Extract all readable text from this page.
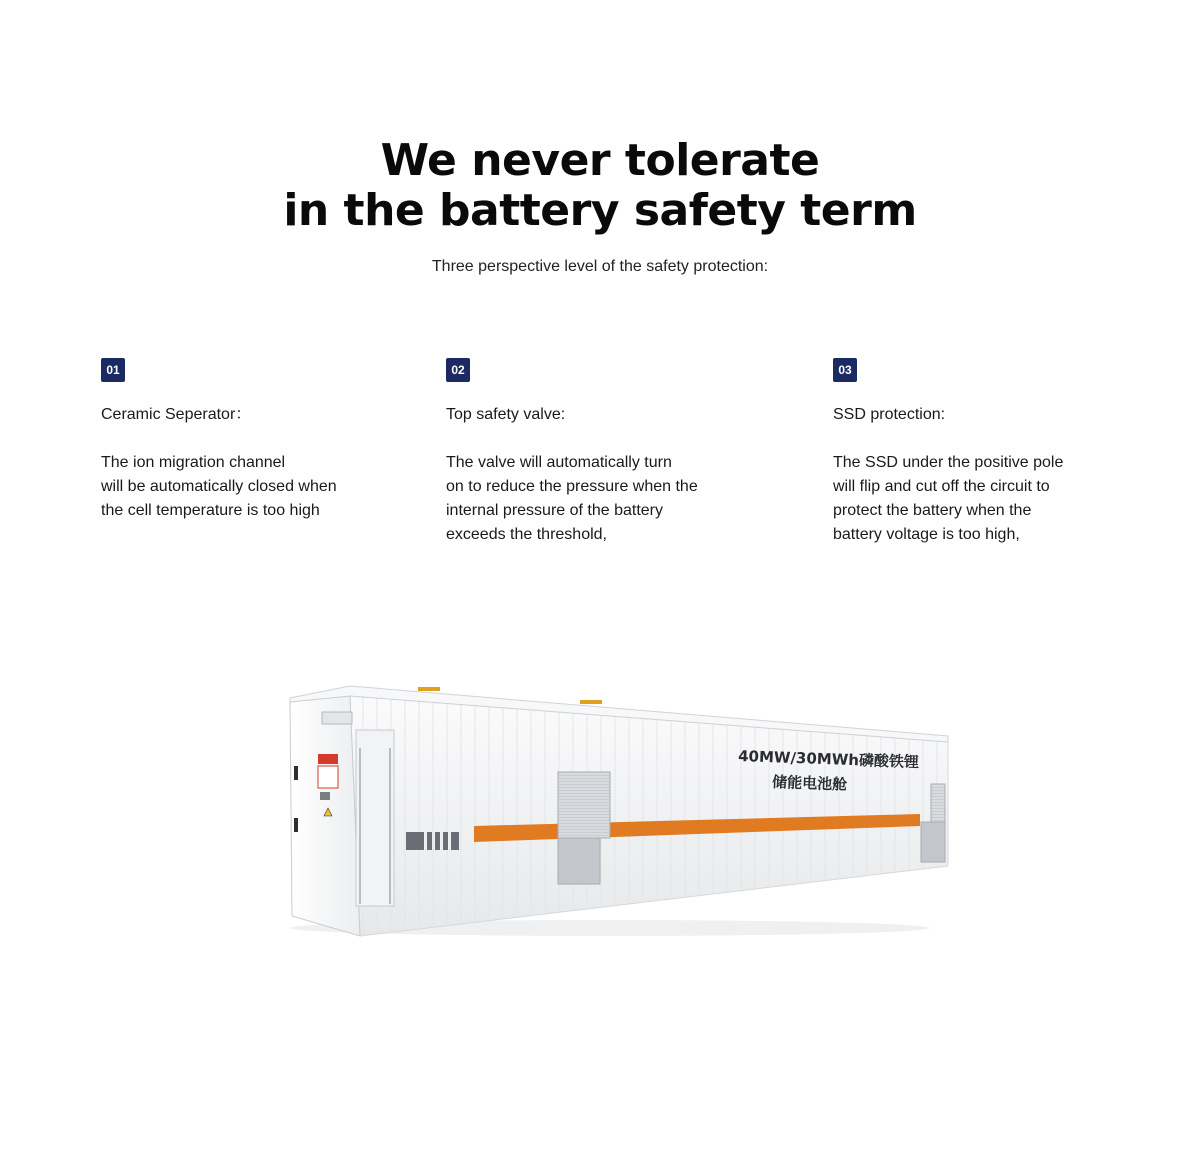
We never tolerate
in the battery safety term
Three perspective level of the safety protection:
01
Ceramic Seperator：
The ion migration channel
will be automatically closed when
the cell temperature is too high
02
Top safety valve:
The valve will automatically turn
on to reduce the pressure when the
internal pressure of the battery
exceeds the threshold,
03
SSD protection:
The SSD under the positive pole
will flip and cut off the circuit to
protect the battery when the
battery voltage is too high,
40MW/30MWh磷酸铁锂
储能电池舱
